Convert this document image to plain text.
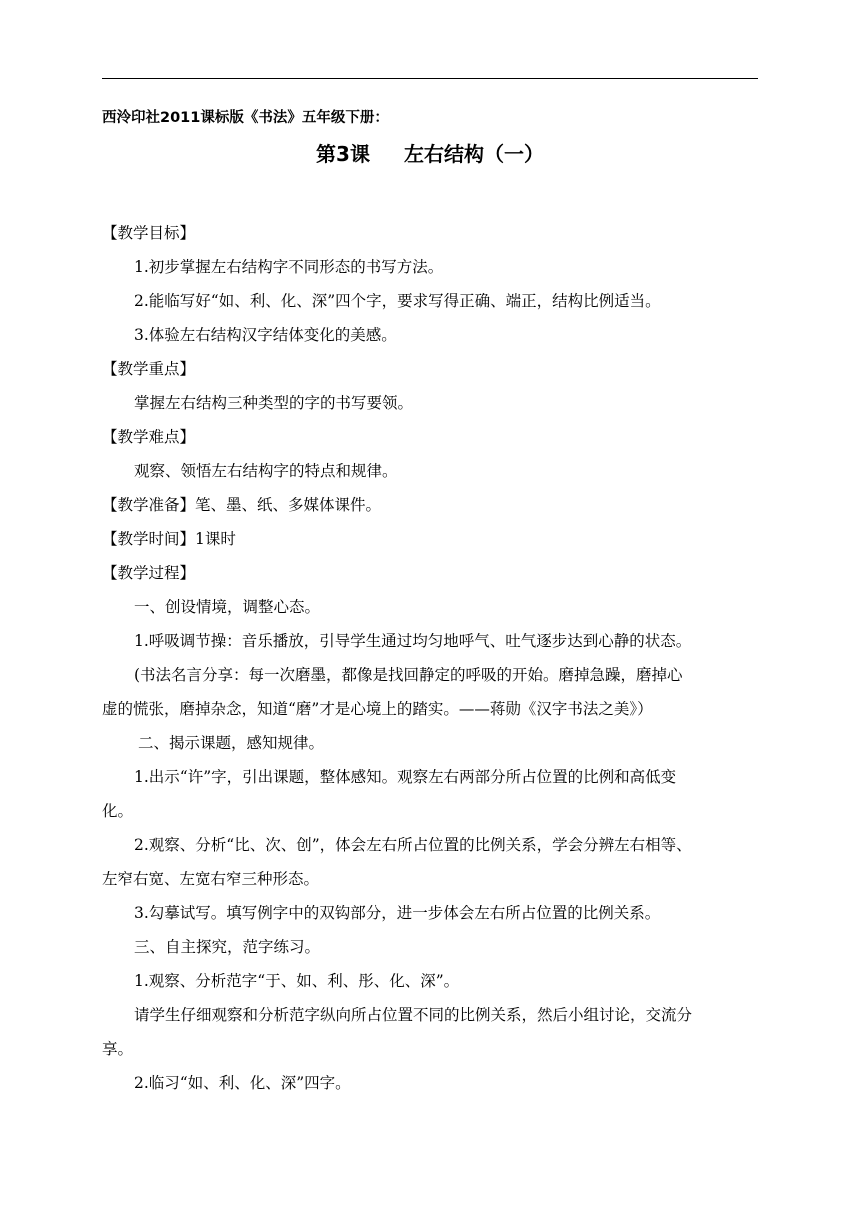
西泠印社2011课标版《书法》五年级下册：
第3课 左右结构（一）
【教学目标】
1.初步掌握左右结构字不同形态的书写方法。
2.能临写好“如、利、化、深”四个字，要求写得正确、端正，结构比例适当。
3.体验左右结构汉字结体变化的美感。
【教学重点】
掌握左右结构三种类型的字的书写要领。
【教学难点】
观察、领悟左右结构字的特点和规律。
【教学准备】笔、墨、纸、多媒体课件。
【教学时间】1课时
【教学过程】
一、创设情境，调整心态。
1.呼吸调节操：音乐播放，引导学生通过均匀地呼气、吐气逐步达到心静的状态。
(书法名言分享：每一次磨墨，都像是找回静定的呼吸的开始。磨掉急躁，磨掉心
虚的慌张，磨掉杂念，知道“磨”才是心境上的踏实。——蒋勋《汉字书法之美》）
二、揭示课题，感知规律。
1.出示“许”字，引出课题，整体感知。观察左右两部分所占位置的比例和高低变
化。
2.观察、分析“比、次、创”，体会左右所占位置的比例关系，学会分辨左右相等、
左窄右宽、左宽右窄三种形态。
3.勾摹试写。填写例字中的双钩部分，进一步体会左右所占位置的比例关系。
三、自主探究，范字练习。
1.观察、分析范字“于、如、利、彤、化、深”。
请学生仔细观察和分析范字纵向所占位置不同的比例关系，然后小组讨论，交流分
享。
2.临习“如、利、化、深”四字。
